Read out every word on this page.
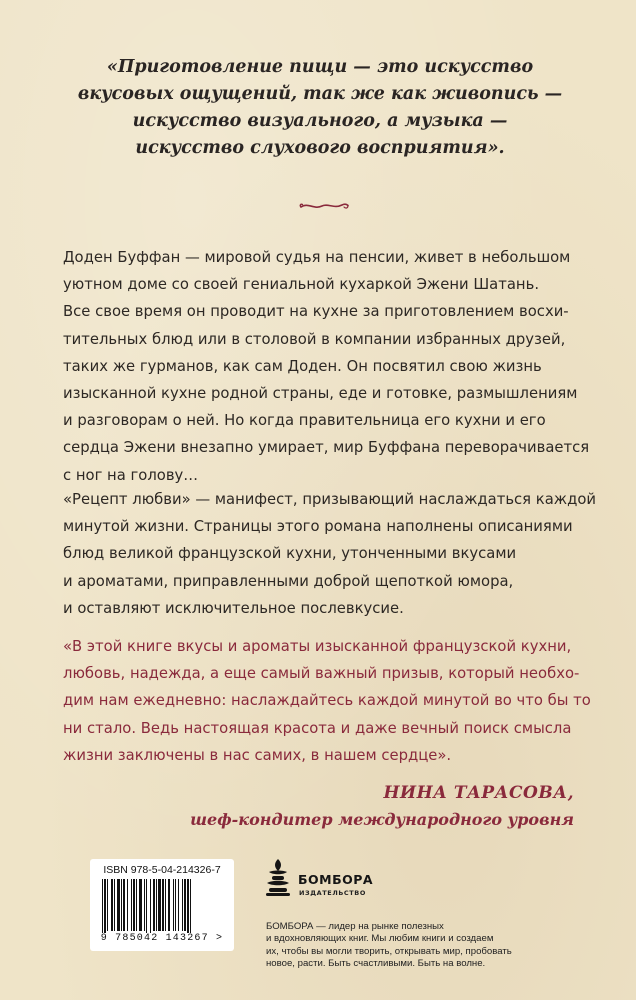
«Приготовление пищи — это искусство
вкусовых ощущений, так же как живопись —
искусство визуального, а музыка —
искусство слухового восприятия».
Доден Буффан — мировой судья на пенсии, живет в небольшом
уютном доме со своей гениальной кухаркой Эжени Шатань.
Все свое время он проводит на кухне за приготовлением восхи-
тительных блюд или в столовой в компании избранных друзей,
таких же гурманов, как сам Доден. Он посвятил свою жизнь
изысканной кухне родной страны, еде и готовке, размышлениям
и разговорам о ней. Но когда правительница его кухни и его
сердца Эжени внезапно умирает, мир Буффана переворачивается
с ног на голову…
«Рецепт любви» — манифест, призывающий наслаждаться каждой
минутой жизни. Страницы этого романа наполнены описаниями
блюд великой французской кухни, утонченными вкусами
и ароматами, приправленными доброй щепоткой юмора,
и оставляют исключительное послевкусие.
«В этой книге вкусы и ароматы изысканной французской кухни,
любовь, надежда, а еще самый важный призыв, который необхо-
дим нам ежедневно: наслаждайтесь каждой минутой во что бы то
ни стало. Ведь настоящая красота и даже вечный поиск смысла
жизни заключены в нас самих, в нашем сердце».
НИНА ТАРАСОВА,
шеф-кондитер международного уровня
ISBN 978-5-04-214326-7
9 785042 143267 >
БОМБОРА
ИЗДАТЕЛЬСТВО
БОМБОРА — лидер на рынке полезных
и вдохновляющих книг. Мы любим книги и создаем
их, чтобы вы могли творить, открывать мир, пробовать
новое, расти. Быть счастливыми. Быть на волне.
